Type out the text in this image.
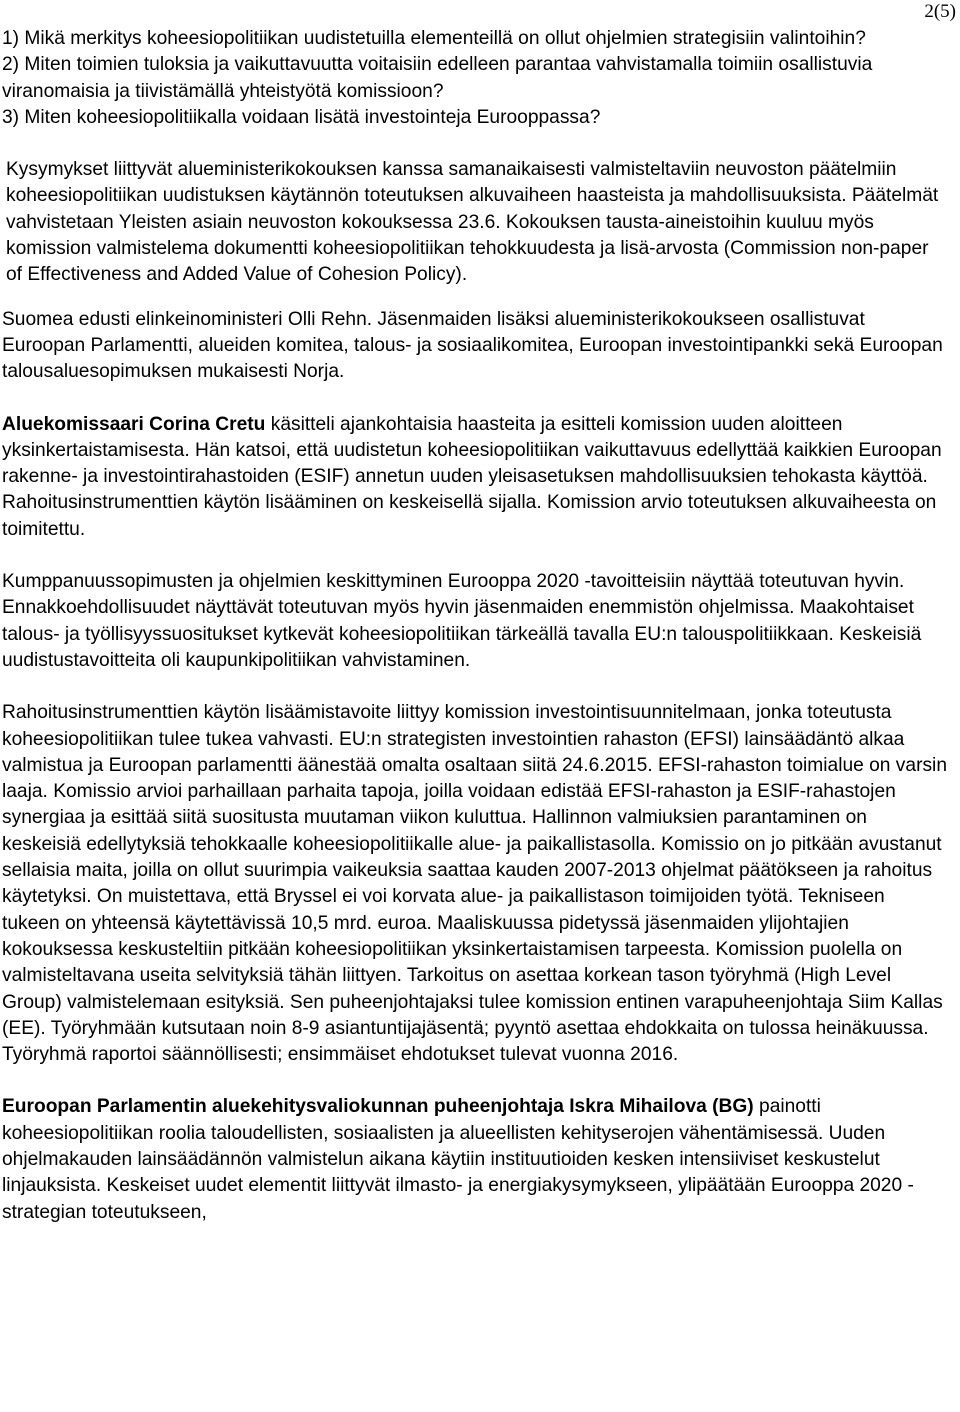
2(5)

1) Mikä merkitys koheesiopolitiikan uudistetuilla elementeillä on ollut ohjelmien strategisiin valintoihin?

2) Miten toimien tuloksia ja vaikuttavuutta voitaisiin edelleen parantaa vahvistamalla toimiin osallistuvia viranomaisia ja tiivistämällä yhteistyötä komissioon?

3) Miten koheesiopolitiikalla voidaan lisätä investointeja Eurooppassa?

Kysymykset liittyvät alueministerikokouksen kanssa samanaikaisesti valmisteltaviin neuvoston päätelmiin koheesiopolitiikan uudistuksen käytännön toteutuksen alkuvaiheen haasteista ja mahdollisuuksista. Päätelmät vahvistetaan Yleisten asiain neuvoston kokouksessa 23.6. Kokouksen tausta-aineistoihin kuuluu myös komission valmistelema dokumentti koheesiopolitiikan tehokkuudesta ja lisä-arvosta (Commission non-paper of Effectiveness and Added Value of Cohesion Policy).

Suomea edusti elinkeinoministeri Olli Rehn. Jäsenmaiden lisäksi alueministerikokoukseen osallistuvat Euroopan Parlamentti, alueiden komitea, talous- ja sosiaalikomitea, Euroopan investointipankki sekä Euroopan talousaluesopimuksen mukaisesti Norja.

Aluekomissaari Corina Cretu käsitteli ajankohtaisia haasteita ja esitteli komission uuden aloitteen yksinkertaistamisesta. Hän katsoi, että uudistetun koheesiopolitiikan vaikuttavuus edellyttää kaikkien Euroopan rakenne- ja investointirahastoiden (ESIF) annetun uuden yleisasetuksen mahdollisuuksien tehokasta käyttöä. Rahoitusinstrumenttien käytön lisääminen on keskeisellä sijalla. Komission arvio toteutuksen alkuvaiheesta on toimitettu.

Kumppanuussopimusten ja ohjelmien keskittyminen Eurooppa 2020 -tavoitteisiin näyttää toteutuvan hyvin. Ennakkoehdollisuudet näyttävät toteutuvan myös hyvin jäsenmaiden enemmistön ohjelmissa. Maakohtaiset talous- ja työllisyyssuositukset kytkevät koheesiopolitiikan tärkeällä tavalla EU:n talouspolitiikkaan. Keskeisiä uudistustavoitteita oli kaupunkipolitiikan vahvistaminen.

Rahoitusinstrumenttien käytön lisäämistavoite liittyy komission investointisuunnitelmaan, jonka toteutusta koheesiopolitiikan tulee tukea vahvasti. EU:n strategisten investointien rahaston (EFSI) lainsäädäntö alkaa valmistua ja Euroopan parlamentti äänestää omalta osaltaan siitä 24.6.2015. EFSI-rahaston toimialue on varsin laaja. Komissio arvioi parhaillaan parhaita tapoja, joilla voidaan edistää EFSI-rahaston ja ESIF-rahastojen synergiaa ja esittää siitä suositusta muutaman viikon kuluttua. Hallinnon valmiuksien parantaminen on keskeisiä edellytyksiä tehokkaalle koheesiopolitiikalle alue- ja paikallistasolla. Komissio on jo pitkään avustanut sellaisia maita, joilla on ollut suurimpia vaikeuksia saattaa kauden 2007-2013 ohjelmat päätökseen ja rahoitus käytetyksi. On muistettava, että Bryssel ei voi korvata alue- ja paikallistason toimijoiden työtä. Tekniseen tukeen on yhteensä käytettävissä 10,5 mrd. euroa. Maaliskuussa pidetyssä jäsenmaiden ylijohtajien kokouksessa keskusteltiin pitkään koheesiopolitiikan yksinkertaistamisen tarpeesta. Komission puolella on valmisteltavana useita selvityksiä tähän liittyen. Tarkoitus on asettaa korkean tason työryhmä (High Level Group) valmistelemaan esityksiä. Sen puheenjohtajaksi tulee komission entinen varapuheenjohtaja Siim Kallas (EE). Työryhmään kutsutaan noin 8-9 asiantuntijajäsentä; pyyntö asettaa ehdokkaita on tulossa heinäkuussa. Työryhmä raportoi säännöllisesti; ensimmäiset ehdotukset tulevat vuonna 2016.

Euroopan Parlamentin aluekehitysvaliokunnan puheenjohtaja Iskra Mihailova (BG) painotti koheesiopolitiikan roolia taloudellisten, sosiaalisten ja alueellisten kehityserojen vähentämisessä. Uuden ohjelmakauden lainsäädännön valmistelun aikana käytiin instituutioiden kesken intensiiviset keskustelut linjauksista. Keskeiset uudet elementit liittyvät ilmasto- ja energiakysymykseen, ylipäätään Eurooppa 2020 -strategian toteutukseen,
